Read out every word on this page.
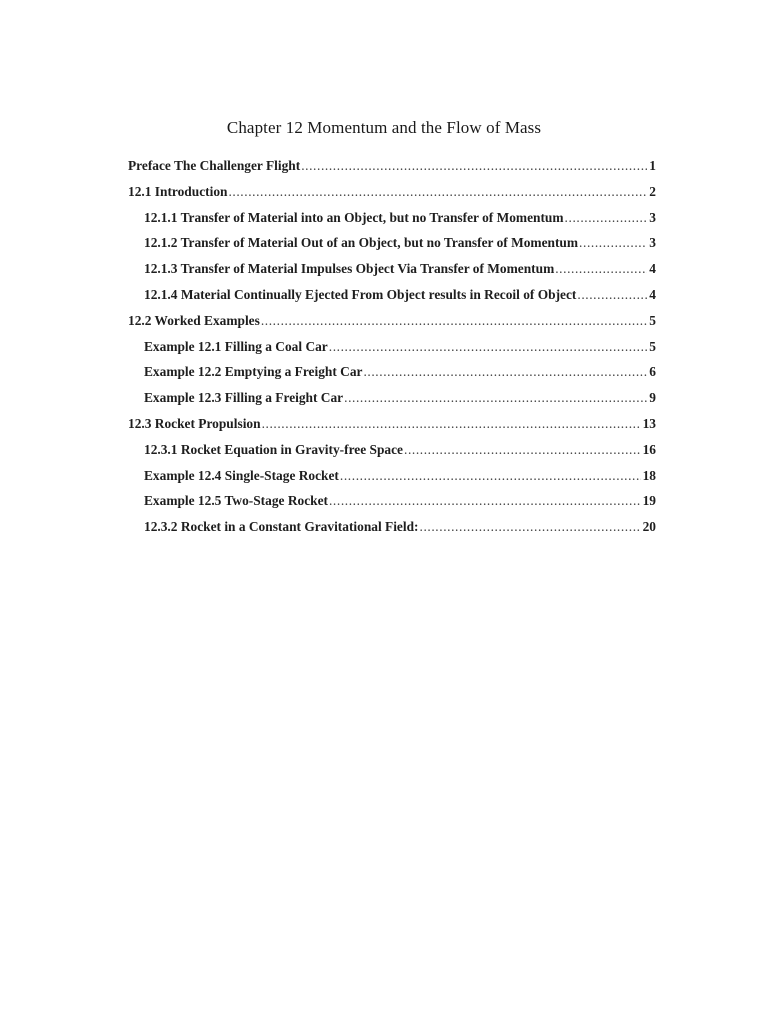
Chapter 12 Momentum and the Flow of Mass
Preface The Challenger Flight .....	1
12.1 Introduction .....	2
12.1.1 Transfer of Material into an Object, but no Transfer of Momentum .....	3
12.1.2 Transfer of Material Out of an Object, but no Transfer of Momentum .....	3
12.1.3 Transfer of Material Impulses Object Via Transfer of Momentum .....	4
12.1.4 Material Continually Ejected From Object results in Recoil of Object .....	4
12.2 Worked Examples .....	5
Example 12.1 Filling a Coal Car .....	5
Example 12.2 Emptying a Freight Car .....	6
Example 12.3 Filling a Freight Car .....	9
12.3 Rocket Propulsion .....	13
12.3.1 Rocket Equation in Gravity-free Space .....	16
Example 12.4 Single-Stage Rocket .....	18
Example 12.5 Two-Stage Rocket .....	19
12.3.2 Rocket in a Constant Gravitational Field: .....	20
